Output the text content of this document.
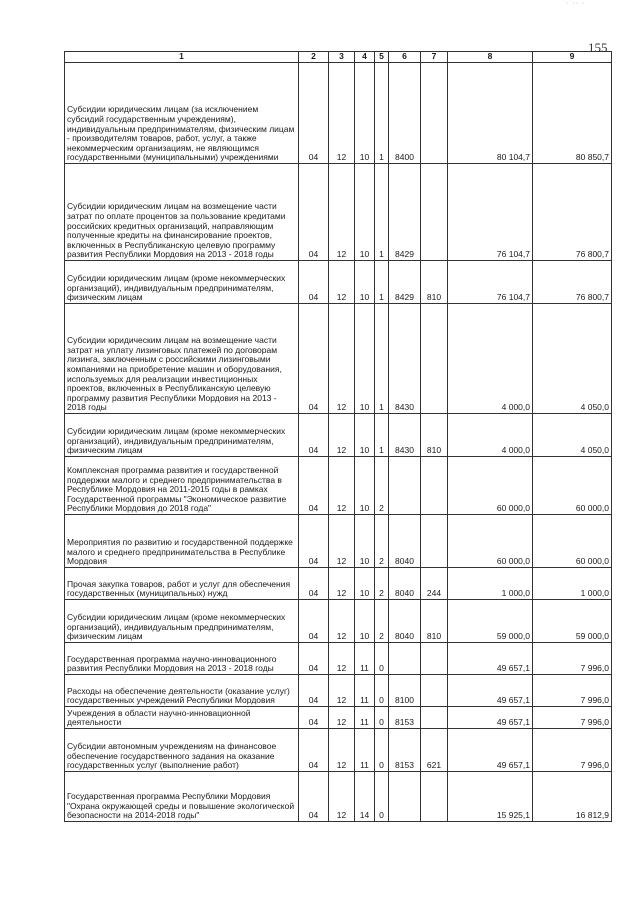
· ·· ·
155
1	2	3	4	5	6	7	8	9
Субсидии юридическим лицам (за исключением субсидий государственным учреждениям), индивидуальным предпринимателям, физическим лицам - производителям товаров, работ, услуг, а также некоммерческим организациям, не являющимся государственными (муниципальными) учреждениями	04	12	10	1	8400		80 104,7	80 850,7
Субсидии юридическим лицам на возмещение части затрат по оплате процентов за пользование кредитами российских кредитных организаций, направляющим полученные кредиты на финансирование проектов, включенных в Республиканскую целевую программу развития Республики Мордовия на 2013 - 2018 годы	04	12	10	1	8429		76 104,7	76 800,7
Субсидии юридическим лицам (кроме некоммерческих организаций), индивидуальным предпринимателям, физическим лицам	04	12	10	1	8429	810	76 104,7	76 800,7
Субсидии юридическим лицам на возмещение части затрат на уплату лизинговых платежей по договорам лизинга, заключенным с российскими лизинговыми компаниями на приобретение машин и оборудования, используемых для реализации инвестиционных проектов, включенных в Республиканскую целевую программу развития Республики Мордовия на 2013 - 2018 годы	04	12	10	1	8430		4 000,0	4 050,0
Субсидии юридическим лицам (кроме некоммерческих организаций), индивидуальным предпринимателям, физическим лицам	04	12	10	1	8430	810	4 000,0	4 050,0
Комплексная программа развития и государственной поддержки малого и среднего предпринимательства в Республике Мордовия на 2011-2015 годы в рамках Государственной программы "Экономическое развитие Республики Мордовия до 2018 года"	04	12	10	2			60 000,0	60 000,0
Мероприятия по развитию и государственной поддержке малого и среднего предпринимательства в Республике Мордовия	04	12	10	2	8040		60 000,0	60 000,0
Прочая закупка товаров, работ и услуг для обеспечения государственных (муниципальных) нужд	04	12	10	2	8040	244	1 000,0	1 000,0
Субсидии юридическим лицам (кроме некоммерческих организаций), индивидуальным предпринимателям, физическим лицам	04	12	10	2	8040	810	59 000,0	59 000,0
Государственная программа научно-инновационного развития Республики Мордовия на 2013 - 2018 годы	04	12	11	0			49 657,1	7 996,0
Расходы на обеспечение деятельности (оказание услуг) государственных учреждений Республики Мордовия	04	12	11	0	8100		49 657,1	7 996,0
Учреждения в области научно-инновационной деятельности	04	12	11	0	8153		49 657,1	7 996,0
Субсидии автономным учреждениям на финансовое обеспечение государственного задания на оказание государственных услуг (выполнение работ)	04	12	11	0	8153	621	49 657,1	7 996,0
Государственная программа Республики Мордовия "Охрана окружающей среды и повышение экологической безопасности на 2014-2018 годы"	04	12	14	0			15 925,1	16 812,9
